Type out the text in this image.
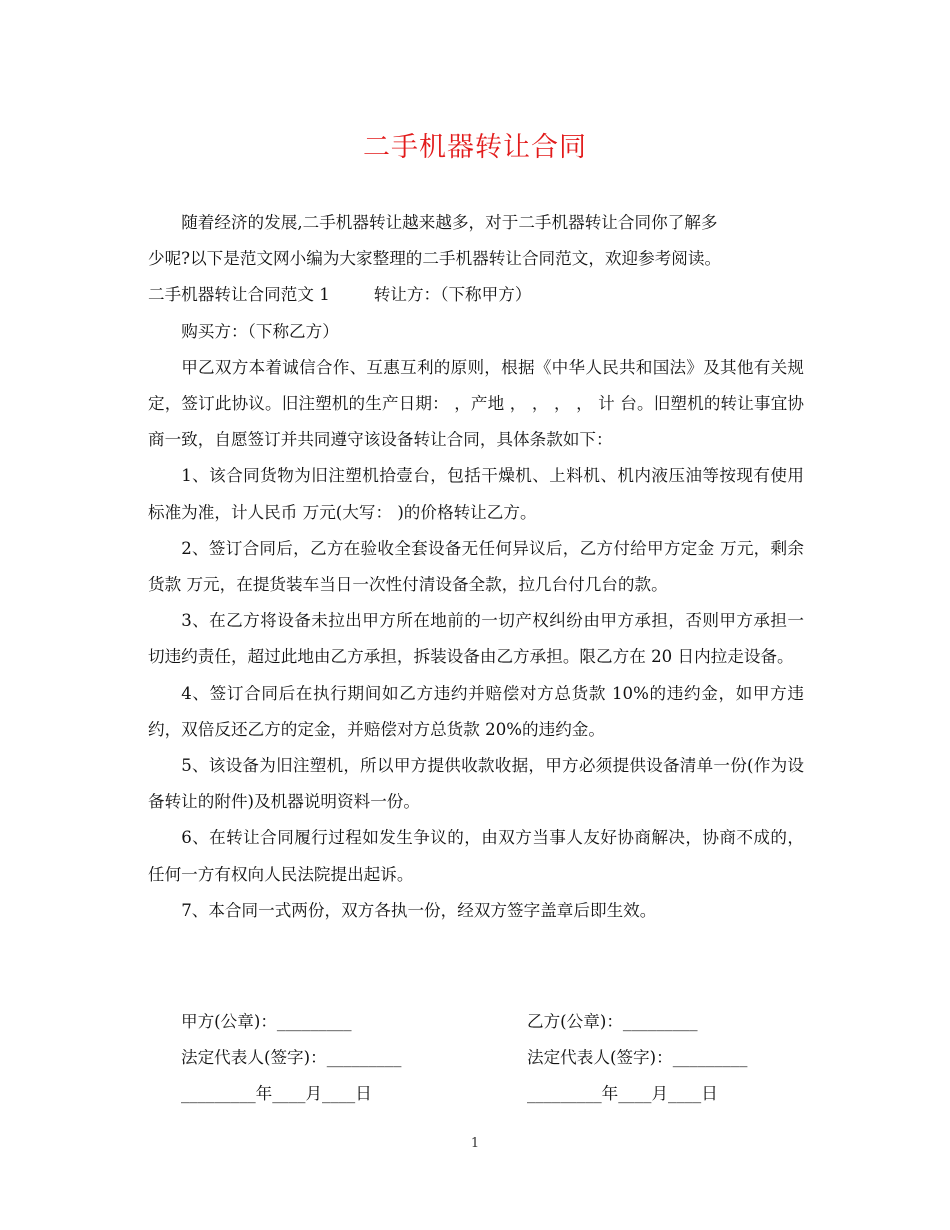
二手机器转让合同

随着经济的发展,二手机器转让越来越多，对于二手机器转让合同你了解多

少呢?以下是范文网小编为大家整理的二手机器转让合同范文，欢迎参考阅读。

二手机器转让合同范文 1	转让方：（下称甲方）

购买方：（下称乙方）

甲乙双方本着诚信合作、互惠互利的原则，根据《中华人民共和国法》及其他有关规定，签订此协议。旧注塑机的生产日期： ，产地 ， ， ， ， 计 台。旧塑机的转让事宜协商一致，自愿签订并共同遵守该设备转让合同，具体条款如下：

1、该合同货物为旧注塑机拾壹台，包括干燥机、上料机、机内液压油等按现有使用标准为准，计人民币 万元(大写： )的价格转让乙方。

2、签订合同后，乙方在验收全套设备无任何异议后，乙方付给甲方定金 万元，剩余货款 万元，在提货装车当日一次性付清设备全款，拉几台付几台的款。

3、在乙方将设备未拉出甲方所在地前的一切产权纠纷由甲方承担，否则甲方承担一切违约责任，超过此地由乙方承担，拆装设备由乙方承担。限乙方在 20 日内拉走设备。

4、签订合同后在执行期间如乙方违约并赔偿对方总货款 10%的违约金，如甲方违约，双倍反还乙方的定金，并赔偿对方总货款 20%的违约金。

5、该设备为旧注塑机，所以甲方提供收款收据，甲方必须提供设备清单一份(作为设备转让的附件)及机器说明资料一份。

6、在转让合同履行过程如发生争议的，由双方当事人友好协商解决，协商不成的，任何一方有权向人民法院提出起诉。

7、本合同一式两份，双方各执一份，经双方签字盖章后即生效。

甲方(公章)：_________	乙方(公章)：_________
法定代表人(签字)：_________	法定代表人(签字)：_________
_________年____月____日	_________年____月____日
1
